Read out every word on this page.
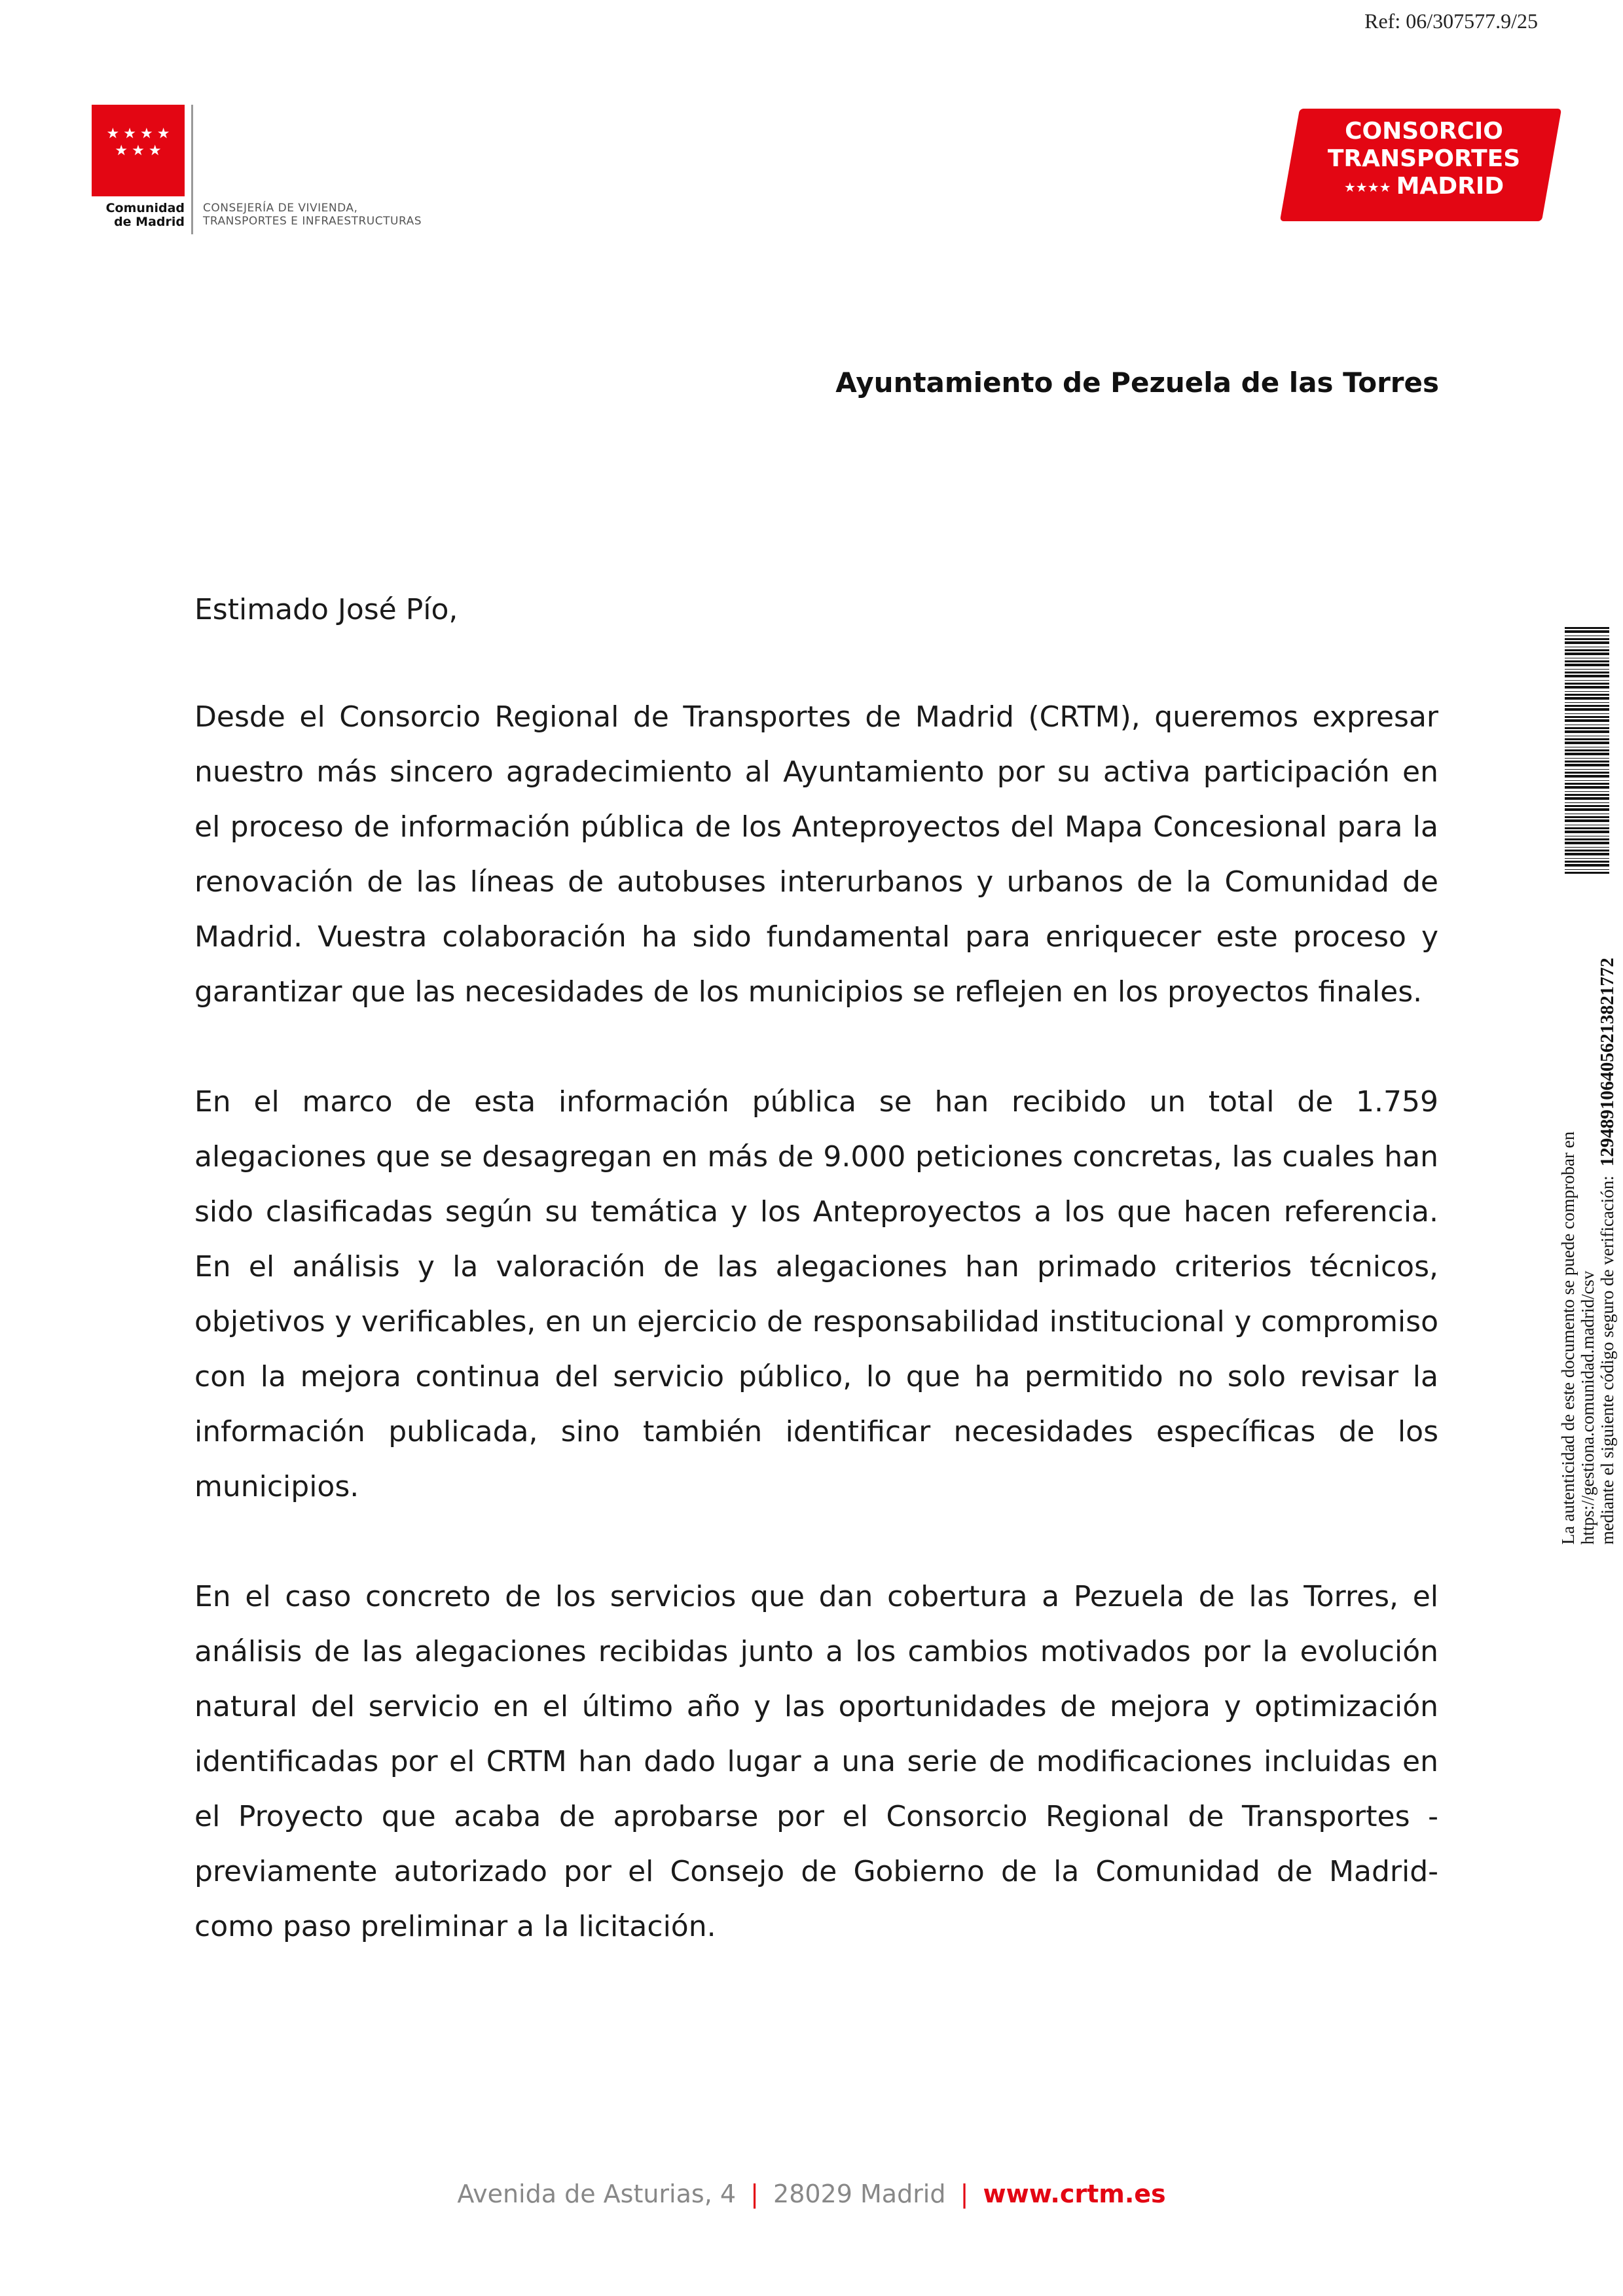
Ref: 06/307577.9/25
★ ★ ★ ★
★ ★ ★
Comunidad
de Madrid
CONSEJERÍA DE VIVIENDA,
TRANSPORTES E INFRAESTRUCTURAS
CONSORCIO
TRANSPORTES
★★★★ MADRID
Ayuntamiento de Pezuela de las Torres

Estimado José Pío,

Desde el Consorcio Regional de Transportes de Madrid (CRTM), queremos expresar nuestro más sincero agradecimiento al Ayuntamiento por su activa participación en el proceso de información pública de los Anteproyectos del Mapa Concesional para la renovación de las líneas de autobuses interurbanos y urbanos de la Comunidad de Madrid. Vuestra colaboración ha sido fundamental para enriquecer este proceso y garantizar que las necesidades de los municipios se reflejen en los proyectos finales.

En el marco de esta información pública se han recibido un total de 1.759 alegaciones que se desagregan en más de 9.000 peticiones concretas, las cuales han sido clasificadas según su temática y los Anteproyectos a los que hacen referencia. En el análisis y la valoración de las alegaciones han primado criterios técnicos, objetivos y verificables, en un ejercicio de responsabilidad institucional y compromiso con la mejora continua del servicio público, lo que ha permitido no solo revisar la información publicada, sino también identificar necesidades específicas de los municipios.

En el caso concreto de los servicios que dan cobertura a Pezuela de las Torres, el análisis de las alegaciones recibidas junto a los cambios motivados por la evolución natural del servicio en el último año y las oportunidades de mejora y optimización identificadas por el CRTM han dado lugar a una serie de modificaciones incluidas en el Proyecto que acaba de aprobarse por el Consorcio Regional de Transportes -previamente autorizado por el Consejo de Gobierno de la Comunidad de Madrid- como paso preliminar a la licitación.

La autenticidad de este documento se puede comprobar en https://gestiona.comunidad.madrid/csv mediante el siguiente código seguro de verificación:1294891064056213821772
Avenida de Asturias, 4 | 28029 Madrid | www.crtm.es
